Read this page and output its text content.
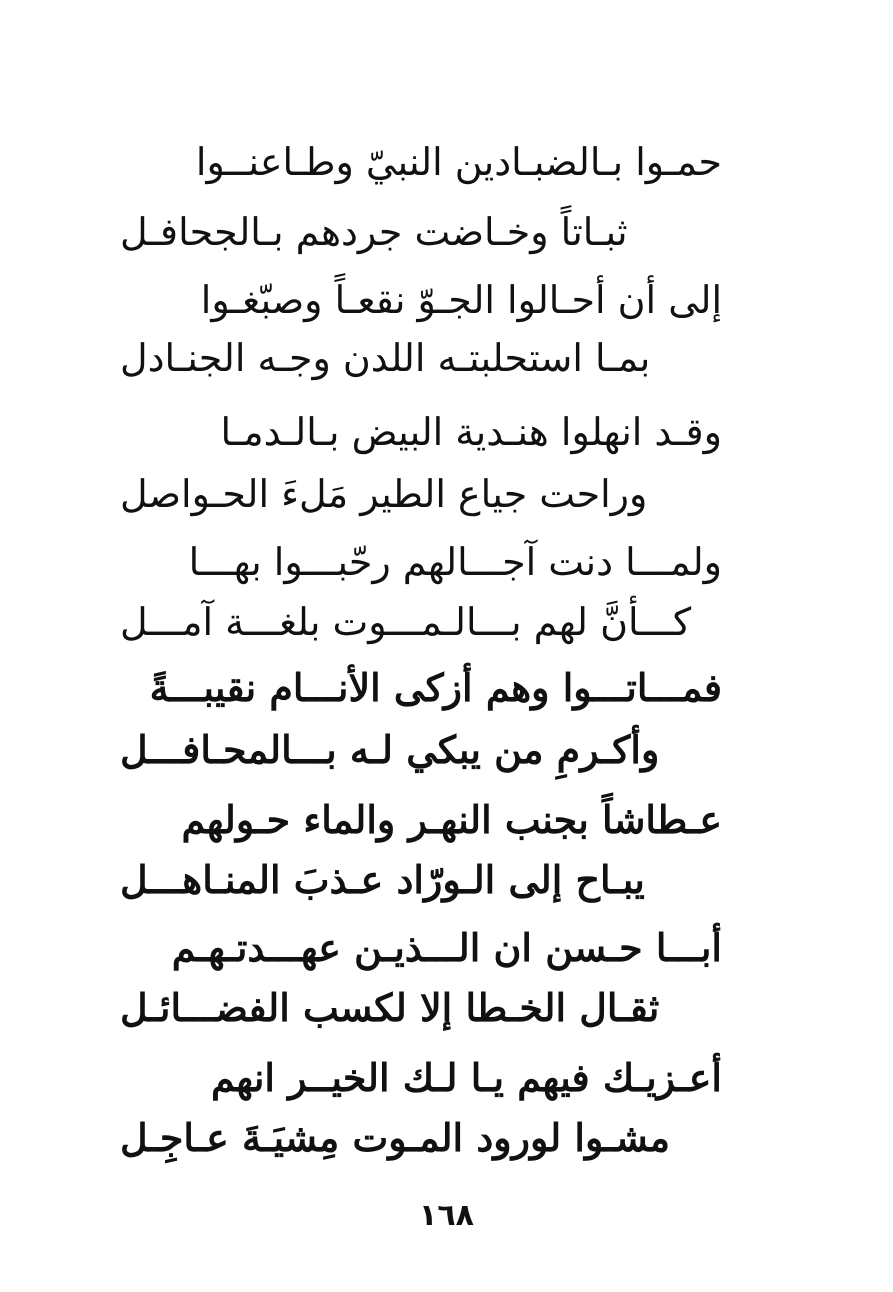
حمـوا بـالضبـادين النبيّ وطـاعنــوا
ثبـاتاً وخـاضت جردهم بـالجحافـل
إلى أن أحـالوا الجـوّ نقعـاً وصبّغـوا
بمـا استحلبتـه اللدن وجـه الجنـادل
وقـد انهلوا هنـدية البيض بـالـدمـا
وراحت جياع الطير مَلءَ الحـواصل
ولمـــا دنت آجـــالهم رحّبـــوا بهـــا
كـــأنَّ لهم بـــالـمـــوت بلغـــة آمـــل
فمـــاتـــوا وهم أزكى الأنـــام نقيبـــةً
وأكـرمِ من يبكي لـه بـــالمحـافـــل
عـطاشاً بجنب النهـر والماء حـولهم
يبـاح إلى الـورّاد عـذبَ المنـاهـــل
أبـــا حـسن ان الـــذيـن عهـــدتـهـم
ثقـال الخـطا إلا لكسب الفضـــائـل
أعـزيـك فيهم يـا لـك الخيــر انهم
مشـوا لورود المـوت مِشيَـةَ عـاجِـل
١٦٨
